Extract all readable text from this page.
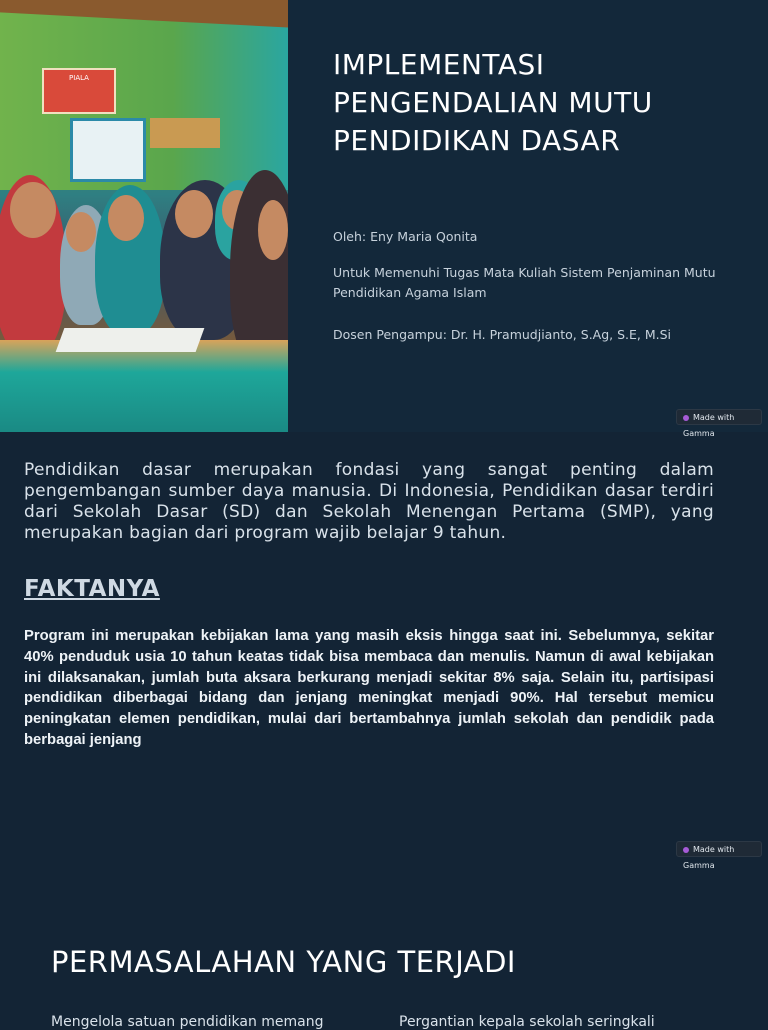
PIALA	IMPLEMENTASI
PENGENDALIAN MUTU
PENDIDIKAN DASAR
Oleh: Eny Maria Qonita
Untuk Memenuhi Tugas Mata Kuliah Sistem Penjaminan Mutu Pendidikan Agama Islam
Dosen Pengampu: Dr. H. Pramudjianto, S.Ag, S.E, M.Si
Made with Gamma
Pendidikan dasar merupakan fondasi yang sangat penting dalam pengembangan sumber daya manusia. Di Indonesia, Pendidikan dasar terdiri dari Sekolah Dasar (SD) dan Sekolah Menengan Pertama (SMP), yang merupakan bagian dari program wajib belajar 9 tahun.
FAKTANYA
Program ini merupakan kebijakan lama yang masih eksis hingga saat ini. Sebelumnya, sekitar 40% penduduk usia 10 tahun keatas tidak bisa membaca dan menulis. Namun di awal kebijakan ini dilaksanakan, jumlah buta aksara berkurang menjadi sekitar 8% saja. Selain itu, partisipasi pendidikan diberbagai bidang dan jenjang meningkat menjadi 90%. Hal tersebut memicu peningkatan elemen pendidikan, mulai dari bertambahnya jumlah sekolah dan pendidik pada berbagai jenjang
Made with Gamma
PERMASALAHAN YANG TERJADI
Mengelola satuan pendidikan memang	Pergantian kepala sekolah seringkali
